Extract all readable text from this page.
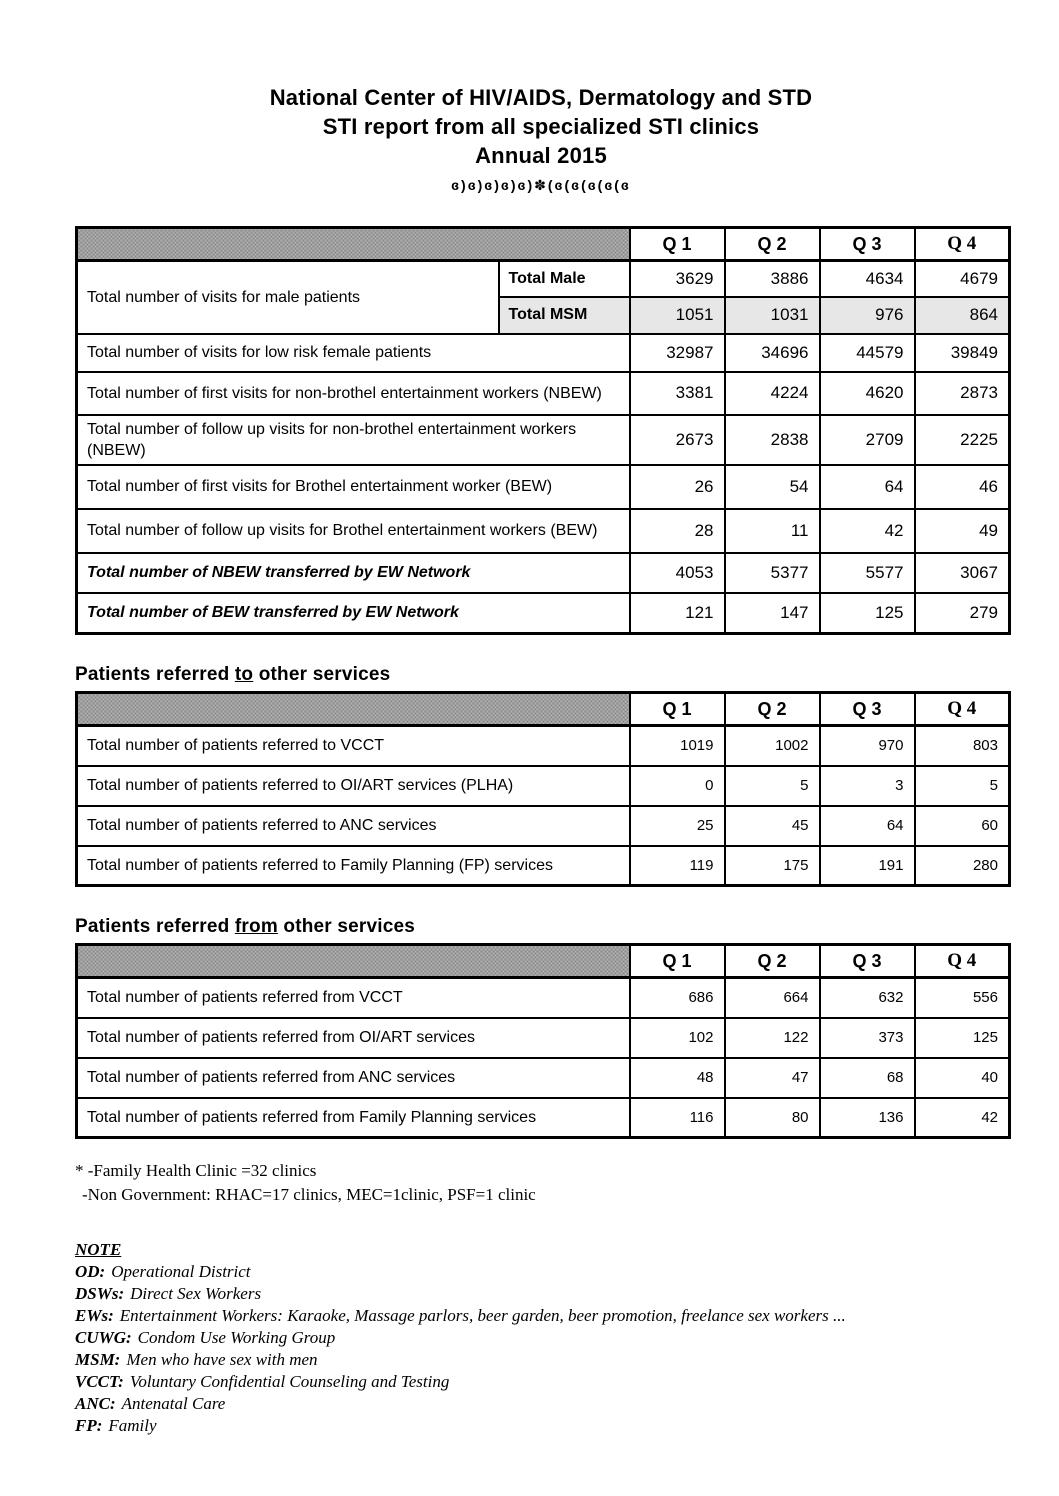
National Center of HIV/AIDS, Dermatology and STD
STI report from all specialized STI clinics
Annual 2015
ɞ)ɞ)ɞ)ɞ)ɞ)✽(ɞ(ɞ(ɞ(ɞ(ɞ
		Q 1	Q 2	Q 3	Q 4
Total number of visits for male patients	Total Male	3629	3886	4634	4679
	Total MSM	1051	1031	976	864
Total number of visits for low risk female patients		32987	34696	44579	39849
Total number of first visits for non-brothel entertainment workers (NBEW)		3381	4224	4620	2873
Total number of follow up visits for non-brothel entertainment workers (NBEW)		2673	2838	2709	2225
Total number of first visits for Brothel entertainment worker (BEW)		26	54	64	46
Total number of follow up visits for Brothel entertainment workers (BEW)		28	11	42	49
Total number of NBEW transferred by EW Network		4053	5377	5577	3067
Total number of BEW transferred by EW Network		121	147	125	279
Patients referred to other services
	Q 1	Q 2	Q 3	Q 4
Total number of patients referred to VCCT	1019	1002	970	803
Total number of patients referred to OI/ART services (PLHA)	0	5	3	5
Total number of patients referred to ANC services	25	45	64	60
Total number of patients referred to Family Planning (FP) services	119	175	191	280
Patients referred from other services
	Q 1	Q 2	Q 3	Q 4
Total number of patients referred from VCCT	686	664	632	556
Total number of patients referred from OI/ART services	102	122	373	125
Total number of patients referred from ANC services	48	47	68	40
Total number of patients referred from Family Planning services	116	80	136	42
* -Family Health Clinic =32 clinics
-Non Government: RHAC=17 clinics, MEC=1clinic, PSF=1 clinic
NOTE
OD: Operational District
DSWs: Direct Sex Workers
EWs: Entertainment Workers: Karaoke, Massage parlors, beer garden, beer promotion, freelance sex workers ...
CUWG: Condom Use Working Group
MSM: Men who have sex with men
VCCT: Voluntary Confidential Counseling and Testing
ANC: Antenatal Care
FP: Family
